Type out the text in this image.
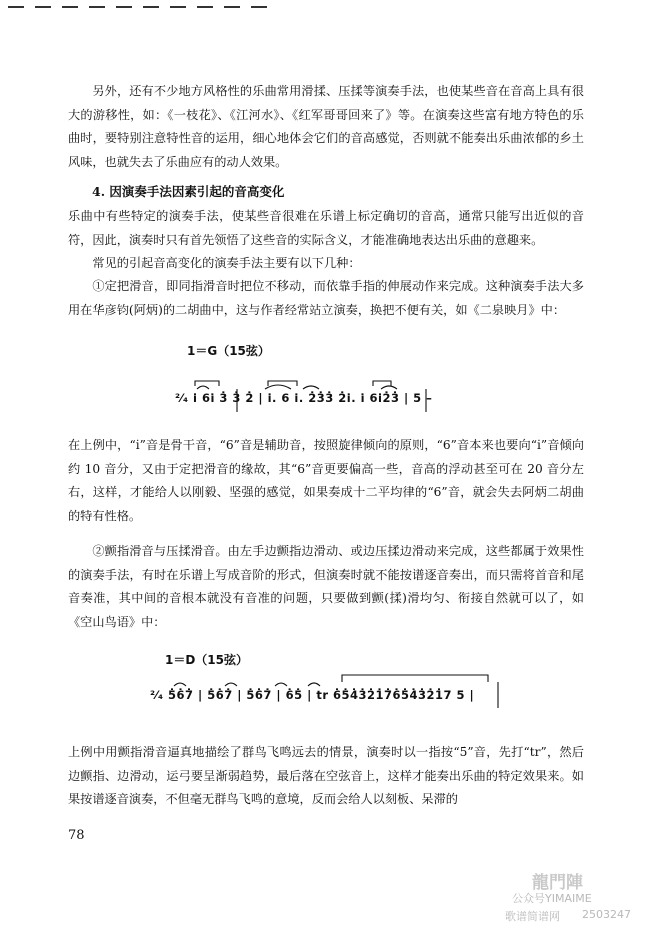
另外，还有不少地方风格性的乐曲常用滑揉、压揉等演奏手法，也使某些音在音高上具有很大的游移性，如：《一枝花》、《江河水》、《红军哥哥回来了》等。在演奏这些富有地方特色的乐曲时，要特别注意特性音的运用，细心地体会它们的音高感觉，否则就不能奏出乐曲浓郁的乡土风味，也就失去了乐曲应有的动人效果。

4. 因演奏手法因素引起的音高变化

乐曲中有些特定的演奏手法，使某些音很难在乐谱上标定确切的音高，通常只能写出近似的音符，因此，演奏时只有首先领悟了这些音的实际含义，才能准确地表达出乐曲的意趣来。

常见的引起音高变化的演奏手法主要有以下几种：

①定把滑音，即同指滑音时把位不移动，而依靠手指的伸展动作来完成。这种演奏手法大多用在华彦钧(阿炳)的二胡曲中，这与作者经常站立演奏，换把不便有关，如《二泉映月》中：

1＝G（15弦）
²⁄₄ i̇ 6i̇ 3̇ 3̇ 2̇ | i̇. 6 i̇. 2̇3̇3̇ 2̇i̇. i̇ 6i̇2̇3̇ | 5 –

在上例中，“i̇”音是骨干音，“6”音是辅助音，按照旋律倾向的原则，“6”音本来也要向“i̇”音倾向约 10 音分，又由于定把滑音的缘故，其“6”音更要偏高一些，音高的浮动甚至可在 20 音分左右，这样，才能给人以刚毅、坚强的感觉，如果奏成十二平均律的“6”音，就会失去阿炳二胡曲的特有性格。

②颤指滑音与压揉滑音。由左手边颤指边滑动、或边压揉边滑动来完成，这些都属于效果性的演奏手法，有时在乐谱上写成音阶的形式，但演奏时就不能按谱逐音奏出，而只需将首音和尾音奏准，其中间的音根本就没有音准的问题，只要做到颤(揉)滑均匀、衔接自然就可以了，如《空山鸟语》中：

1＝D（15弦）
²⁄₄ 5̇6̇7̇ | 5̇6̇7̇ | 5̇6̇7̇ | 6̇5̇ | tr 6̇5̇4̇3̇2̇1̇7̇6̇5̇4̇3̇2̇1̇7 5 |

上例中用颤指滑音逼真地描绘了群鸟飞鸣远去的情景，演奏时以一指按“5̇”音，先打“tr”，然后边颤指、边滑动，运弓要呈渐弱趋势，最后落在空弦音上，这样才能奏出乐曲的特定效果来。如果按谱逐音演奏，不但毫无群鸟飞鸣的意境，反而会给人以刻板、呆滞的

78
龍門陣
公众号YIMAIME
歌谱简谱网 2503247
